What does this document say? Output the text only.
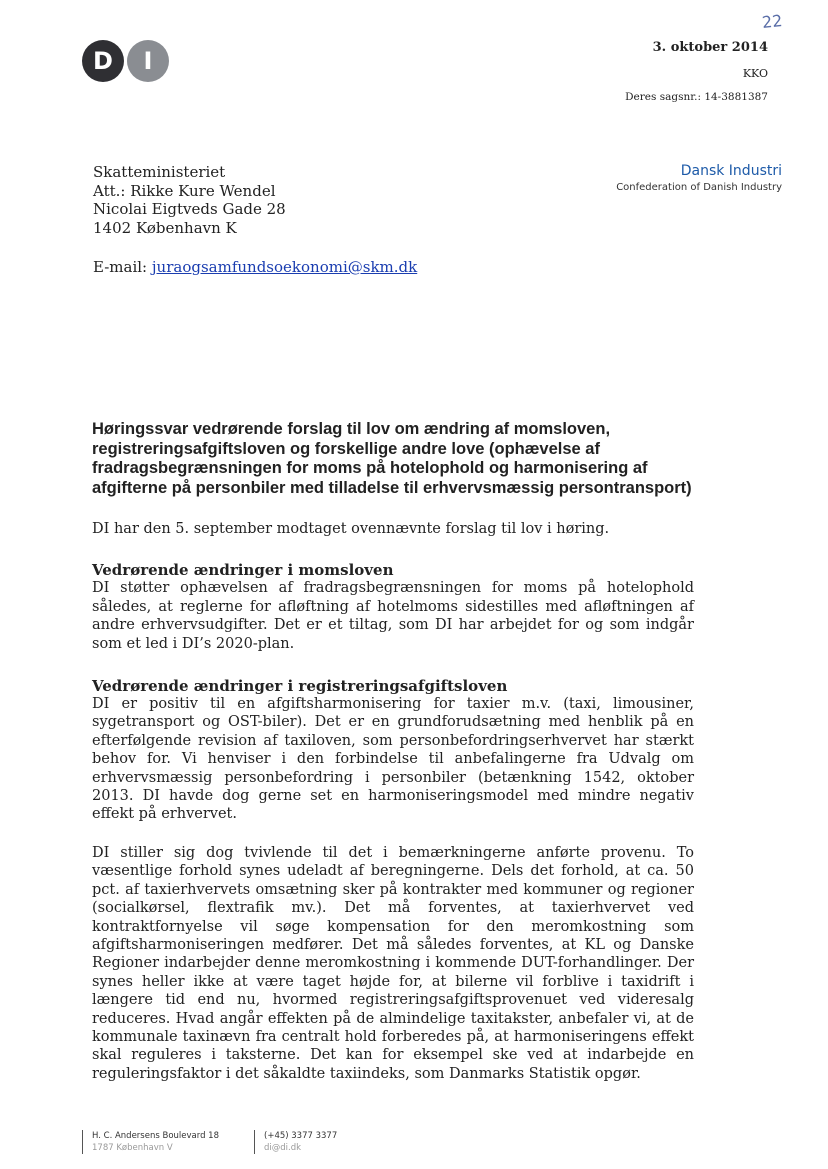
D	I
22
3. oktober 2014
KKO
Deres sagsnr.: 14-3881387
Skatteministeriet
Att.: Rikke Kure Wendel
Nicolai Eigtveds Gade 28
1402 København K
Dansk Industri
Confederation of Danish Industry
E-mail: juraogsamfundsoekonomi@skm.dk

Høringssvar vedrørende forslag til lov om ændring af momsloven, registreringsafgiftsloven og forskellige andre love (ophævelse af fradragsbegrænsningen for moms på hotelophold og harmonisering af afgifterne på personbiler med tilladelse til erhvervsmæssig persontransport)

DI har den 5. september modtaget ovennævnte forslag til lov i høring.

Vedrørende ændringer i momsloven

DI støtter ophævelsen af fradragsbegrænsningen for moms på hotelophold således, at reglerne for afløftning af hotelmoms sidestilles med afløftningen af andre erhvervsudgifter. Det er et tiltag, som DI har arbejdet for og som indgår som et led i DI’s 2020-plan.

Vedrørende ændringer i registreringsafgiftsloven

DI er positiv til en afgiftsharmonisering for taxier m.v. (taxi, limousiner, sygetransport og OST-biler). Det er en grundforudsætning med henblik på en efterfølgende revision af taxiloven, som personbefordringserhvervet har stærkt behov for. Vi henviser i den forbindelse til anbefalingerne fra Udvalg om erhvervsmæssig personbefordring i personbiler (betænkning 1542, oktober 2013. DI havde dog gerne set en harmoniseringsmodel med mindre negativ effekt på erhvervet.

DI stiller sig dog tvivlende til det i bemærkningerne anførte provenu. To væsentlige forhold synes udeladt af beregningerne. Dels det forhold, at ca. 50 pct. af taxierhvervets omsætning sker på kontrakter med kommuner og regioner (socialkørsel, flextrafik mv.). Det må forventes, at taxierhvervet ved kontraktfornyelse vil søge kompensation for den meromkostning som afgiftsharmoniseringen medfører. Det må således forventes, at KL og Danske Regioner indarbejder denne meromkostning i kommende DUT-forhandlinger. Der synes heller ikke at være taget højde for, at bilerne vil forblive i taxidrift i længere tid end nu, hvormed registreringsafgiftsprovenuet ved videresalg reduceres. Hvad angår effekten på de almindelige taxitakster, anbefaler vi, at de kommunale taxinævn fra centralt hold forberedes på, at harmoniseringens effekt skal reguleres i taksterne. Det kan for eksempel ske ved at indarbejde en reguleringsfaktor i det såkaldte taxiindeks, som Danmarks Statistik opgør.

H. C. Andersens Boulevard 18
1787 København V
(+45) 3377 3377
di@di.dk
